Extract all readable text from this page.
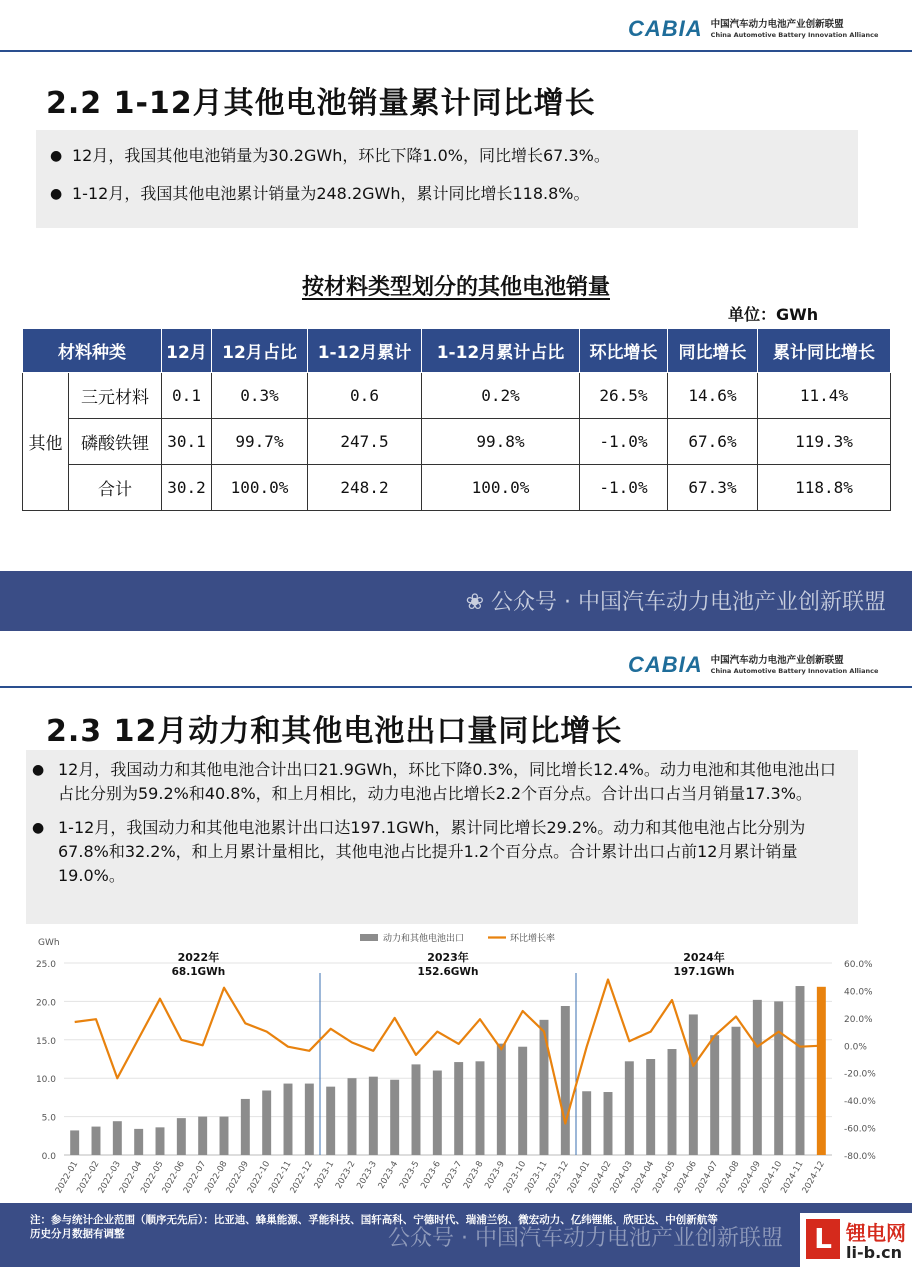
CABIA 中国汽车动力电池产业创新联盟
China Automotive Battery Innovation Alliance
2.2 1-12月其他电池销量累计同比增长
● 12月，我国其他电池销量为30.2GWh，环比下降1.0%，同比增长67.3%。
● 1-12月，我国其他电池累计销量为248.2GWh，累计同比增长118.8%。
按材料类型划分的其他电池销量
单位：GWh
材料种类		12月	12月占比	1-12月累计	1-12月累计占比	环比增长	同比增长	累计同比增长
其他	三元材料	0.1	0.3%	0.6	0.2%	26.5%	14.6%	11.4%
	磷酸铁锂	30.1	99.7%	247.5	99.8%	-1.0%	67.6%	119.3%
	合计	30.2	100.0%	248.2	100.0%	-1.0%	67.3%	118.8%
❀ 公众号 · 中国汽车动力电池产业创新联盟
CABIA 中国汽车动力电池产业创新联盟
China Automotive Battery Innovation Alliance
2.3 12月动力和其他电池出口量同比增长
● 12月，我国动力和其他电池合计出口21.9GWh，环比下降0.3%，同比增长12.4%。动力电池和其他电池出口占比分别为59.2%和40.8%，和上月相比，动力电池占比增长2.2个百分点。合计出口占当月销量17.3%。
● 1-12月，我国动力和其他电池累计出口达197.1GWh，累计同比增长29.2%。动力和其他电池占比分别为67.8%和32.2%，和上月累计量相比，其他电池占比提升1.2个百分点。合计累计出口占前12月累计销量19.0%。
0.0
5.0
10.0
15.0
20.0
25.0
GWh
60.0%
40.0%
20.0%
0.0%
-20.0%
-40.0%
-60.0%
-80.0%
2022年
68.1GWh
2023年
152.6GWh
2024年
197.1GWh
2022-01
2022-02
2022-03
2022-04
2022-05
2022-06
2022-07
2022-08
2022-09
2022-10
2022-11
2022-12
2023-1
2023-2
2023-3
2023-4
2023-5
2023-6
2023-7
2023-8
2023-9
2023-10
2023-11
2023-12
2024-01
2024-02
2024-03
2024-04
2024-05
2024-06
2024-07
2024-08
2024-09
2024-10
2024-11
2024-12
动力和其他电池出口	环比增长率
注：参与统计企业范围（顺序无先后）：比亚迪、蜂巢能源、孚能科技、国轩高科、宁德时代、瑞浦兰钧、微宏动力、亿纬锂能、欣旺达、中创新航等
历史分月数据有调整	公众号 · 中国汽车动力电池产业创新联盟 L 锂电网
li-b.cn
